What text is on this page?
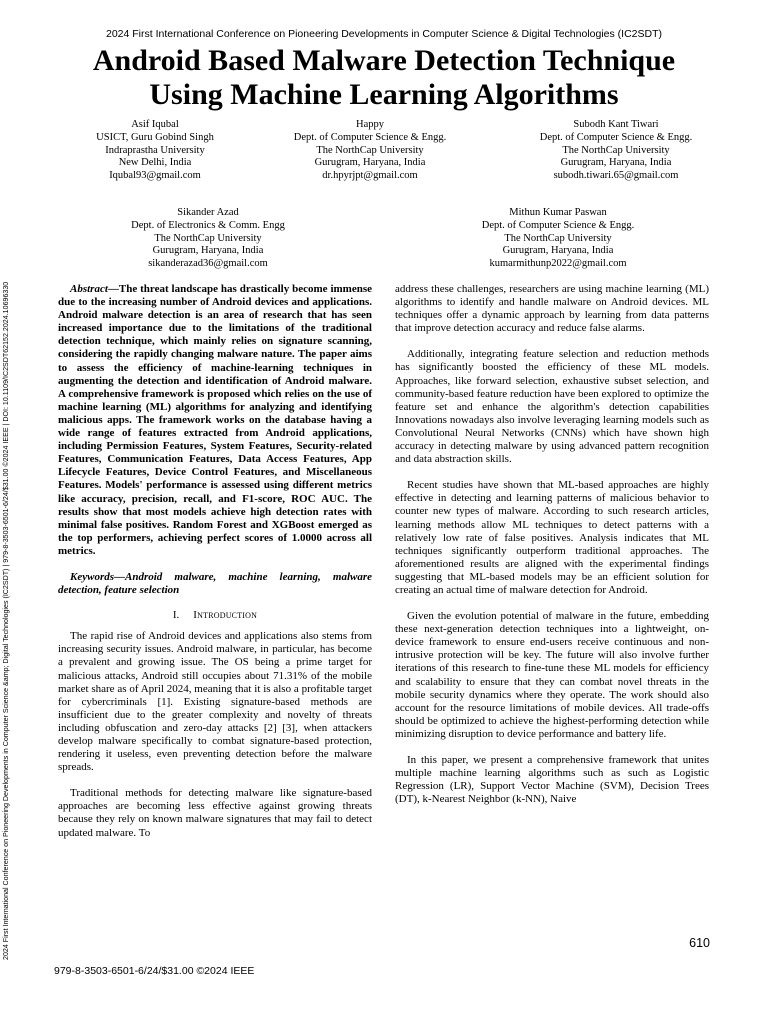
2024 First International Conference on Pioneering Developments in Computer Science & Digital Technologies (IC2SDT)
Android Based Malware Detection Technique
Using Machine Learning Algorithms
Asif Iqubal
USICT, Guru Gobind Singh
Indraprastha University
New Delhi, India
Iqubal93@gmail.com
Happy
Dept. of Computer Science & Engg.
The NorthCap University
Gurugram, Haryana, India
dr.hpyrjpt@gmail.com
Subodh Kant Tiwari
Dept. of Computer Science & Engg.
The NorthCap University
Gurugram, Haryana, India
subodh.tiwari.65@gmail.com
Sikander Azad
Dept. of Electronics & Comm. Engg
The NorthCap University
Gurugram, Haryana, India
sikanderazad36@gmail.com
Mithun Kumar Paswan
Dept. of Computer Science & Engg.
The NorthCap University
Gurugram, Haryana, India
kumarmithunp2022@gmail.com

Abstract—The threat landscape has drastically become immense due to the increasing number of Android devices and applications. Android malware detection is an area of research that has seen increased importance due to the limitations of the traditional detection technique, which mainly relies on signature scanning, considering the rapidly changing malware nature. The paper aims to assess the efficiency of machine-learning techniques in augmenting the detection and identification of Android malware. A comprehensive framework is proposed which relies on the use of machine learning (ML) algorithms for analyzing and identifying malicious apps. The framework works on the database having a wide range of features extracted from Android applications, including Permission Features, System Features, Security-related Features, Communication Features, Data Access Features, App Lifecycle Features, Device Control Features, and Miscellaneous Features. Models' performance is assessed using different metrics like accuracy, precision, recall, and F1-score, ROC AUC. The results show that most models achieve high detection rates with minimal false positives. Random Forest and XGBoost emerged as the top performers, achieving perfect scores of 1.0000 across all metrics.

Keywords—Android malware, machine learning, malware detection, feature selection

I. Introduction

The rapid rise of Android devices and applications also stems from increasing security issues. Android malware, in particular, has become a prevalent and growing issue. The OS being a prime target for malicious attacks, Android still occupies about 71.31% of the mobile market share as of April 2024, meaning that it is also a profitable target for cybercriminals [1]. Existing signature-based methods are insufficient due to the greater complexity and novelty of threats including obfuscation and zero-day attacks [2] [3], when attackers develop malware specifically to combat signature-based protection, rendering it useless, even preventing detection before the malware spreads.

Traditional methods for detecting malware like signature-based approaches are becoming less effective against growing threats because they rely on known malware signatures that may fail to detect updated malware. To

address these challenges, researchers are using machine learning (ML) algorithms to identify and handle malware on Android devices. ML techniques offer a dynamic approach by learning from data patterns that improve detection accuracy and reduce false alarms.

Additionally, integrating feature selection and reduction methods has significantly boosted the efficiency of these ML models. Approaches, like forward selection, exhaustive subset selection, and community-based feature reduction have been explored to optimize the feature set and enhance the algorithm's detection capabilities Innovations nowadays also involve leveraging learning models such as Convolutional Neural Networks (CNNs) which have shown high accuracy in detecting malware by using advanced pattern recognition and data abstraction skills.

Recent studies have shown that ML-based approaches are highly effective in detecting and learning patterns of malicious behavior to counter new types of malware. According to such research articles, learning methods allow ML techniques to detect patterns with a relatively low rate of false positives. Analysis indicates that ML techniques significantly outperform traditional approaches. The aforementioned results are aligned with the experimental findings suggesting that ML-based models may be an efficient solution for creating an actual time of malware detection for Android.

Given the evolution potential of malware in the future, embedding these next-generation detection techniques into a lightweight, on-device framework to ensure end-users receive continuous and non-intrusive protection will be key. The future will also involve further iterations of this research to fine-tune these ML models for efficiency and scalability to ensure that they can combat novel threats in the mobile security dynamics where they operate. The work should also account for the resource limitations of mobile devices. All trade-offs should be optimized to achieve the highest-performing detection while minimizing disruption to device performance and battery life.

In this paper, we present a comprehensive framework that unites multiple machine learning algorithms such as such as Logistic Regression (LR), Support Vector Machine (SVM), Decision Trees (DT), k-Nearest Neighbor (k-NN), Naive

2024 First International Conference on Pioneering Developments in Computer Science &amp; Digital Technologies (IC2SDT) | 979-8-3503-6501-6/24/$31.00 ©2024 IEEE | DOI: 10.1109/IC2SDT62152.2024.10696330	610
979-8-3503-6501-6/24/$31.00 ©2024 IEEE
